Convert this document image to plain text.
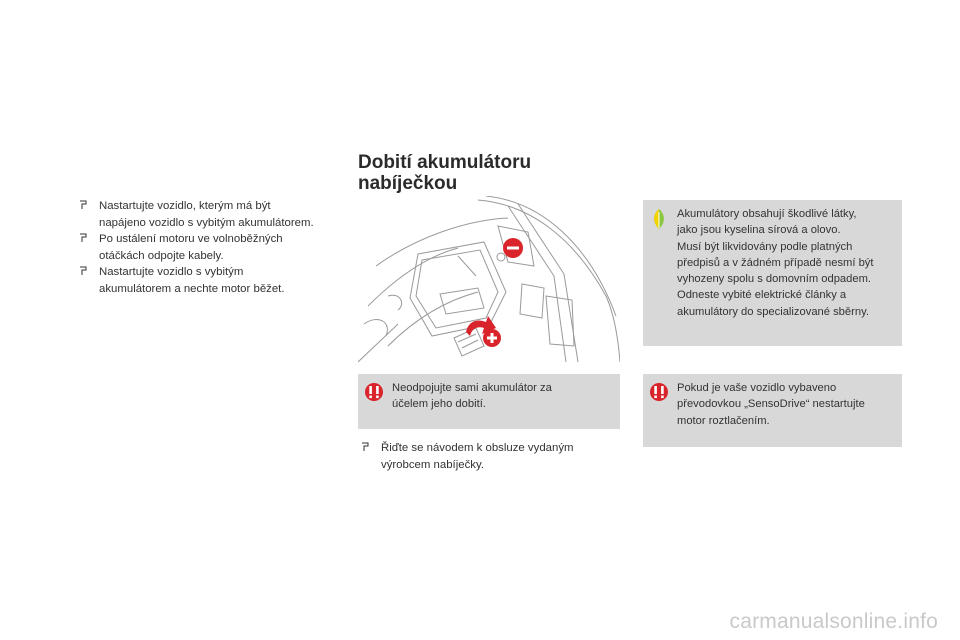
Dobití akumulátoru
nabíječkou
Nastartujte vozidlo, kterým má být
napájeno vozidlo s vybitým akumulátorem.
Po ustálení motoru ve volnoběžných
otáčkách odpojte kabely.
Nastartujte vozidlo s vybitým
akumulátorem a nechte motor běžet.
Akumulátory obsahují škodlivé látky,
jako jsou kyselina sírová a olovo.
Musí být likvidovány podle platných
předpisů a v žádném případě nesmí být
vyhozeny spolu s domovním odpadem.
Odneste vybité elektrické články a
akumulátory do specializované sběrny.
Neodpojujte sami akumulátor za
účelem jeho dobití.
Řiďte se návodem k obsluze vydaným
výrobcem nabíječky.
Pokud je vaše vozidlo vybaveno
převodovkou „SensoDrive“ nestartujte
motor roztlačením.
carmanualsonline.info
